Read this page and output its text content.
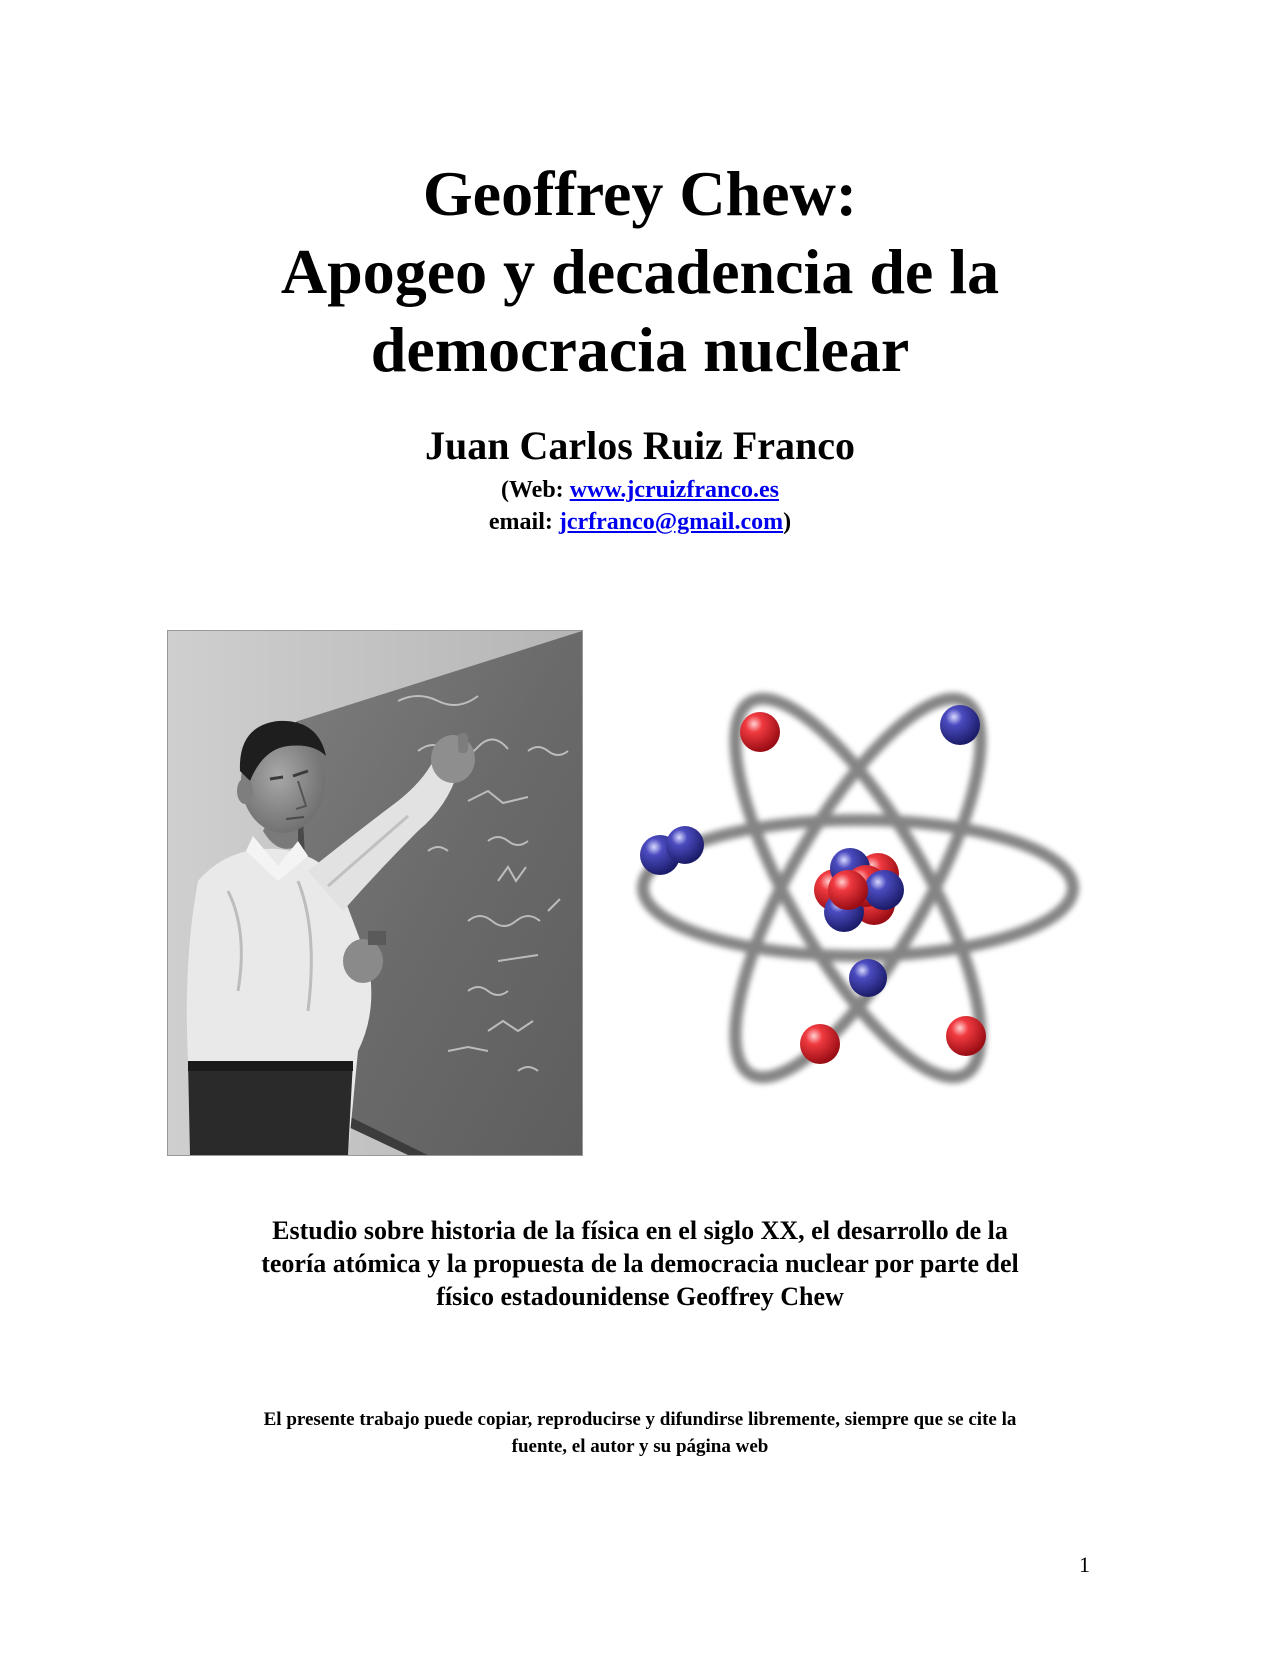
Geoffrey Chew:
Apogeo y decadencia de la
democracia nuclear
Juan Carlos Ruiz Franco
(Web: www.jcruizfranco.es
email: jcrfranco@gmail.com)
Estudio sobre historia de la física en el siglo XX, el desarrollo de la
teoría atómica y la propuesta de la democracia nuclear por parte del
físico estadounidense Geoffrey Chew
El presente trabajo puede copiar, reproducirse y difundirse libremente, siempre que se cite la
fuente, el autor y su página web
1
